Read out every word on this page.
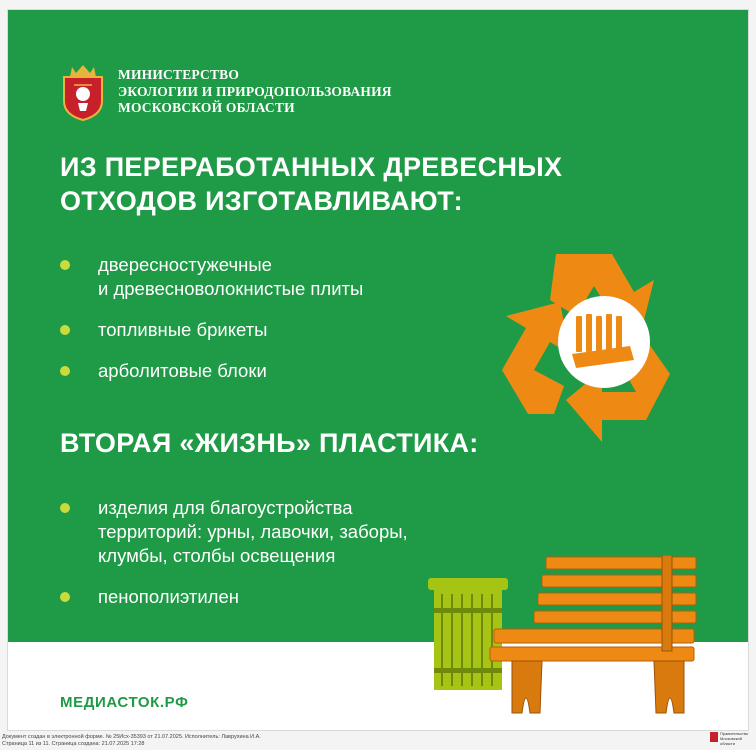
МИНИСТЕРСТВО
ЭКОЛОГИИ И ПРИРОДОПОЛЬЗОВАНИЯ
МОСКОВСКОЙ ОБЛАСТИ
ИЗ ПЕРЕРАБОТАННЫХ ДРЕВЕСНЫХ
ОТХОДОВ ИЗГОТАВЛИВАЮТ:
двересностужечные
и древесноволокнистые плиты
топливные брикеты
арболитовые блоки
ВТОРАЯ «ЖИЗНЬ» ПЛАСТИКА:
изделия для благоустройства
территорий: урны, лавочки, заборы,
клумбы, столбы освещения
пенополиэтилен
МЕДИАСТОК.РФ
Документ создан в электронной форме. № 25Исх-35393 от 21.07.2025. Исполнитель: Лаврухина И.А.
Страница 11 из 11. Страница создана: 21.07.2025 17:28
Правительство
Московской области
